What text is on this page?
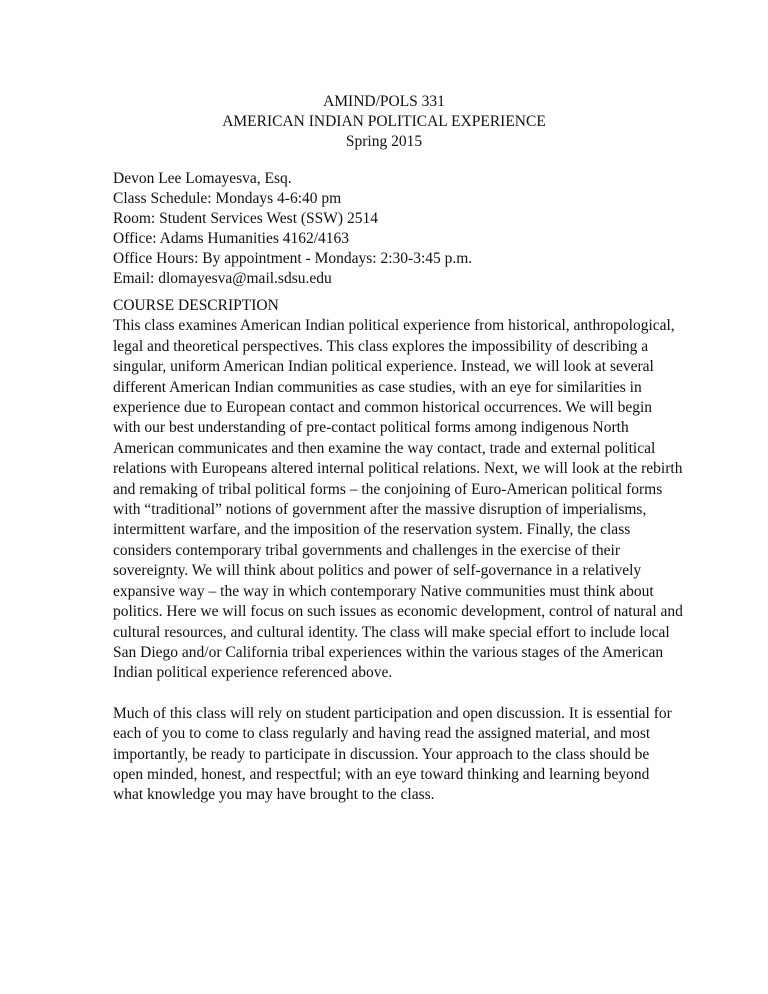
AMIND/POLS 331
AMERICAN INDIAN POLITICAL EXPERIENCE
Spring 2015
Devon Lee Lomayesva, Esq.
Class Schedule: Mondays 4-6:40 pm
Room: Student Services West (SSW) 2514
Office: Adams Humanities 4162/4163
Office Hours: By appointment - Mondays: 2:30-3:45 p.m.
Email: dlomayesva@mail.sdsu.edu
COURSE DESCRIPTION

This class examines American Indian political experience from historical, anthropological, legal and theoretical perspectives. This class explores the impossibility of describing a singular, uniform American Indian political experience. Instead, we will look at several different American Indian communities as case studies, with an eye for similarities in experience due to European contact and common historical occurrences. We will begin with our best understanding of pre-contact political forms among indigenous North American communicates and then examine the way contact, trade and external political relations with Europeans altered internal political relations. Next, we will look at the rebirth and remaking of tribal political forms – the conjoining of Euro-American political forms with “traditional” notions of government after the massive disruption of imperialisms, intermittent warfare, and the imposition of the reservation system. Finally, the class considers contemporary tribal governments and challenges in the exercise of their sovereignty. We will think about politics and power of self-governance in a relatively expansive way – the way in which contemporary Native communities must think about politics. Here we will focus on such issues as economic development, control of natural and cultural resources, and cultural identity. The class will make special effort to include local San Diego and/or California tribal experiences within the various stages of the American Indian political experience referenced above.

Much of this class will rely on student participation and open discussion. It is essential for each of you to come to class regularly and having read the assigned material, and most importantly, be ready to participate in discussion. Your approach to the class should be open minded, honest, and respectful; with an eye toward thinking and learning beyond what knowledge you may have brought to the class.
